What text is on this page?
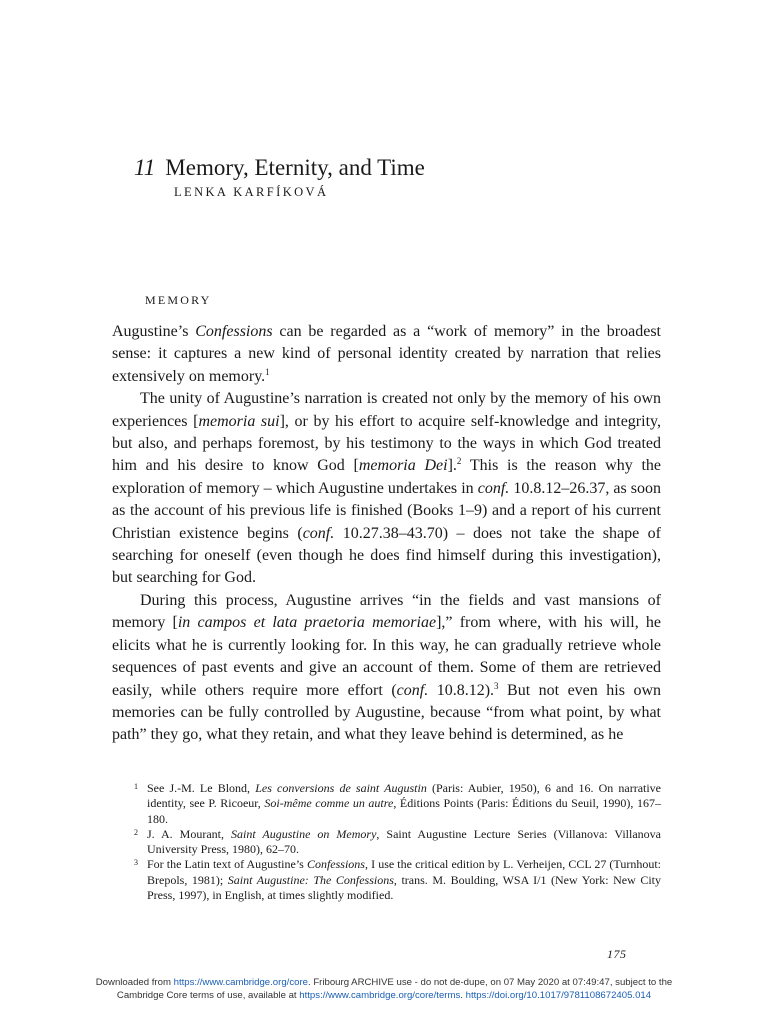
11 Memory, Eternity, and Time
LENKA KARFÍKOVÁ
MEMORY

Augustine’s Confessions can be regarded as a “work of memory” in the broadest sense: it captures a new kind of personal identity created by narration that relies extensively on memory.$^1$

The unity of Augustine’s narration is created not only by the memory of his own experiences [memoria sui], or by his effort to acquire self-knowledge and integrity, but also, and perhaps foremost, by his testimony to the ways in which God treated him and his desire to know God [memoria Dei].$^2$ This is the reason why the exploration of memory – which Augustine undertakes in conf. 10.8.12–26.37, as soon as the account of his previous life is finished (Books 1–9) and a report of his current Christian existence begins (conf. 10.27.38–43.70) – does not take the shape of searching for oneself (even though he does find himself during this investigation), but searching for God.

During this process, Augustine arrives “in the fields and vast mansions of memory [in campos et lata praetoria memoriae],” from where, with his will, he elicits what he is currently looking for. In this way, he can gradually retrieve whole sequences of past events and give an account of them. Some of them are retrieved easily, while others require more effort (conf. 10.8.12).$^3$ But not even his own memories can be fully controlled by Augustine, because “from what point, by what path” they go, what they retain, and what they leave behind is determined, as he

1 See J.-M. Le Blond, Les conversions de saint Augustin (Paris: Aubier, 1950), 6 and 16. On narrative identity, see P. Ricoeur, Soi-même comme un autre, Éditions Points (Paris: Éditions du Seuil, 1990), 167–180.
2 J. A. Mourant, Saint Augustine on Memory, Saint Augustine Lecture Series (Villanova: Villanova University Press, 1980), 62–70.
3 For the Latin text of Augustine’s Confessions, I use the critical edition by L. Verheijen, CCL 27 (Turnhout: Brepols, 1981); Saint Augustine: The Confessions, trans. M. Boulding, WSA I/1 (New York: New City Press, 1997), in English, at times slightly modified.
175
Downloaded from https://www.cambridge.org/core. Fribourg ARCHIVE use - do not de-dupe, on 07 May 2020 at 07:49:47, subject to the
Cambridge Core terms of use, available at https://www.cambridge.org/core/terms. https://doi.org/10.1017/9781108672405.014
